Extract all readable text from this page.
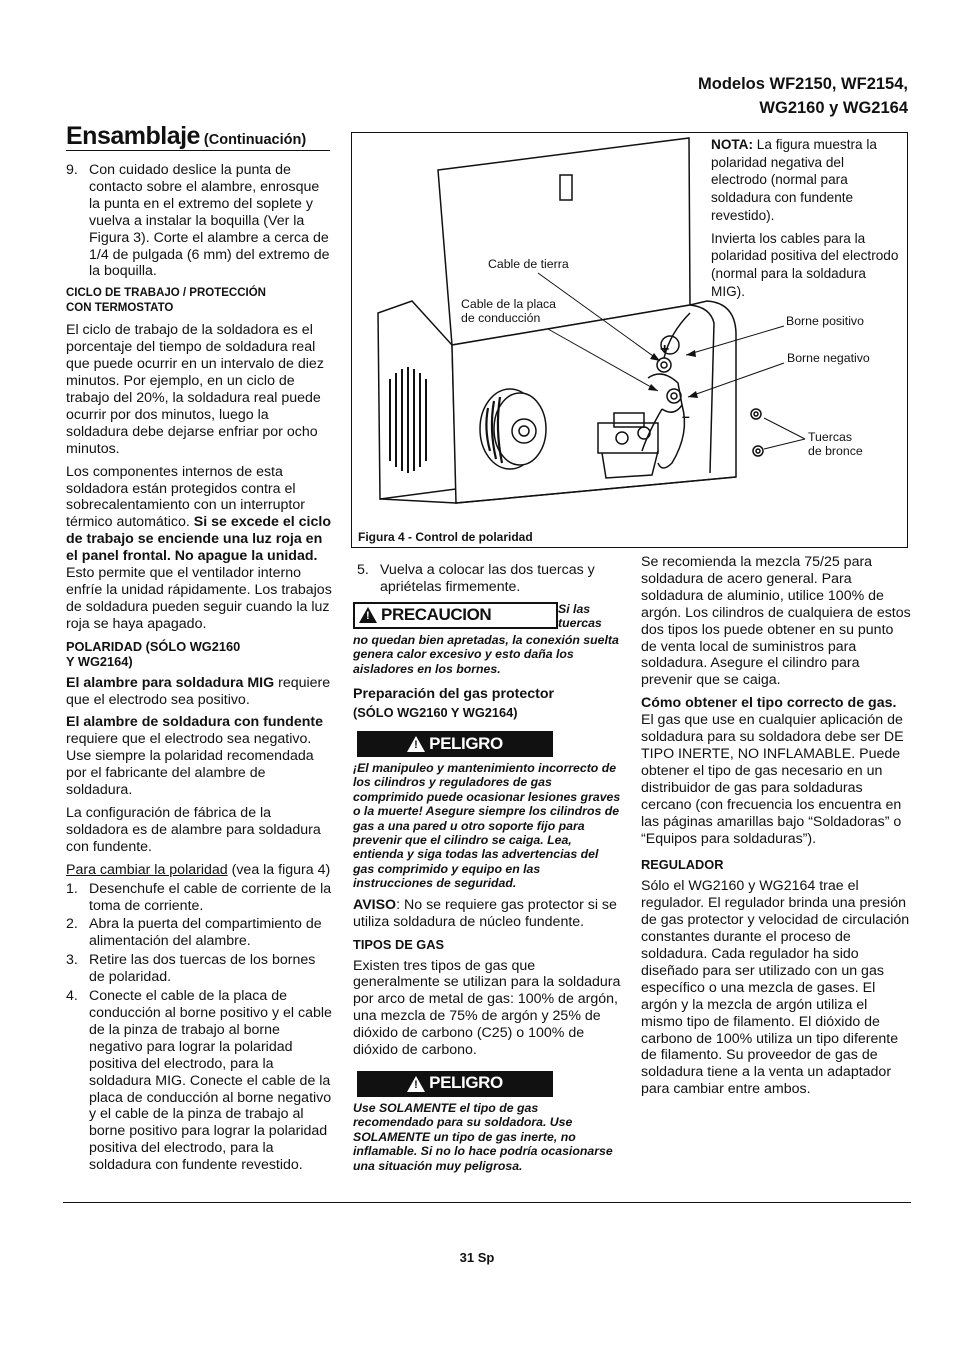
Modelos WF2150, WF2154,
WG2160 y WG2164
Ensamblaje (Continuación)
9. Con cuidado deslice la punta de contacto sobre el alambre, enrosque la punta en el extremo del soplete y vuelva a instalar la boquilla (Ver la Figura 3). Corte el alambre a cerca de 1/4 de pulgada (6 mm) del extremo de la boquilla.
CICLO DE TRABAJO / PROTECCIÓN
CON TERMOSTATO

El ciclo de trabajo de la soldadora es el porcentaje del tiempo de soldadura real que puede ocurrir en un intervalo de diez minutos. Por ejemplo, en un ciclo de trabajo del 20%, la soldadura real puede ocurrir por dos minutos, luego la soldadura debe dejarse enfriar por ocho minutos.

Los componentes internos de esta soldadora están protegidos contra el sobrecalentamiento con un interruptor térmico automático. Si se excede el ciclo de trabajo se enciende una luz roja en el panel frontal. No apague la unidad. Esto permite que el ventilador interno enfríe la unidad rápidamente. Los trabajos de soldadura pueden seguir cuando la luz roja se haya apagado.

POLARIDAD (SÓLO WG2160
Y WG2164)

El alambre para soldadura MIG requiere que el electrodo sea positivo.

El alambre de soldadura con fundente requiere que el electrodo sea negativo. Use siempre la polaridad recomendada por el fabricante del alambre de soldadura.

La configuración de fábrica de la soldadora es de alambre para soldadura con fundente.

Para cambiar la polaridad (vea la figura 4)

1. Desenchufe el cable de corriente de la toma de corriente.
2. Abra la puerta del compartimiento de alimentación del alambre.
3. Retire las dos tuercas de los bornes de polaridad.
4. Conecte el cable de la placa de conducción al borne positivo y el cable de la pinza de trabajo al borne negativo para lograr la polaridad positiva del electrodo, para la soldadura MIG. Conecte el cable de la placa de conducción al borne negativo y el cable de la pinza de trabajo al borne positivo para lograr la polaridad positiva del electrodo, para la soldadura con fundente revestido.
+
–
Cable de tierra
Cable de la placa
de conducción	Borne positivo
Borne negativo
Tuercas
de bronce

NOTA: La figura muestra la polaridad negativa del electrodo (normal para soldadura con fundente revestido).

Invierta los cables para la polaridad positiva del electrodo (normal para la soldadura MIG).

Figura 4 - Control de polaridad
5. Vuelva a colocar las dos tuercas y apriételas firmemente.
! PRECAUCION	Si las tuercas
no quedan bien apretadas, la conexión suelta genera calor excesivo y esto daña los aisladores en los bornes.
Preparación del gas protector
(SÓLO WG2160 Y WG2164)
! PELIGRO
¡El manipuleo y mantenimiento incorrecto de los cilindros y reguladores de gas comprimido puede ocasionar lesiones graves o la muerte! Asegure siempre los cilindros de gas a una pared u otro soporte fijo para prevenir que el cilindro se caiga. Lea, entienda y siga todas las advertencias del gas comprimido y equipo en las instrucciones de seguridad.

AVISO: No se requiere gas protector si se utiliza soldadura de núcleo fundente.

TIPOS DE GAS

Existen tres tipos de gas que generalmente se utilizan para la soldadura por arco de metal de gas: 100% de argón, una mezcla de 75% de argón y 25% de dióxido de carbono (C25) o 100% de dióxido de carbono.

! PELIGRO
Use SOLAMENTE el tipo de gas recomendado para su soldadora. Use SOLAMENTE un tipo de gas inerte, no inflamable. Si no lo hace podría ocasionarse una situación muy peligrosa.

Se recomienda la mezcla 75/25 para soldadura de acero general. Para soldadura de aluminio, utilice 100% de argón. Los cilindros de cualquiera de estos dos tipos los puede obtener en su punto de venta local de suministros para soldadura. Asegure el cilindro para prevenir que se caiga.

Cómo obtener el tipo correcto de gas. El gas que use en cualquier aplicación de soldadura para su soldadora debe ser DE TIPO INERTE, NO INFLAMABLE. Puede obtener el tipo de gas necesario en un distribuidor de gas para soldaduras cercano (con frecuencia los encuentra en las páginas amarillas bajo “Soldadoras” o “Equipos para soldaduras”).

REGULADOR

Sólo el WG2160 y WG2164 trae el regulador. El regulador brinda una presión de gas protector y velocidad de circulación constantes durante el proceso de soldadura. Cada regulador ha sido diseñado para ser utilizado con un gas específico o una mezcla de gases. El argón y la mezcla de argón utiliza el mismo tipo de filamento. El dióxido de carbono de 100% utiliza un tipo diferente de filamento. Su proveedor de gas de soldadura tiene a la venta un adaptador para cambiar entre ambos.

31 Sp
